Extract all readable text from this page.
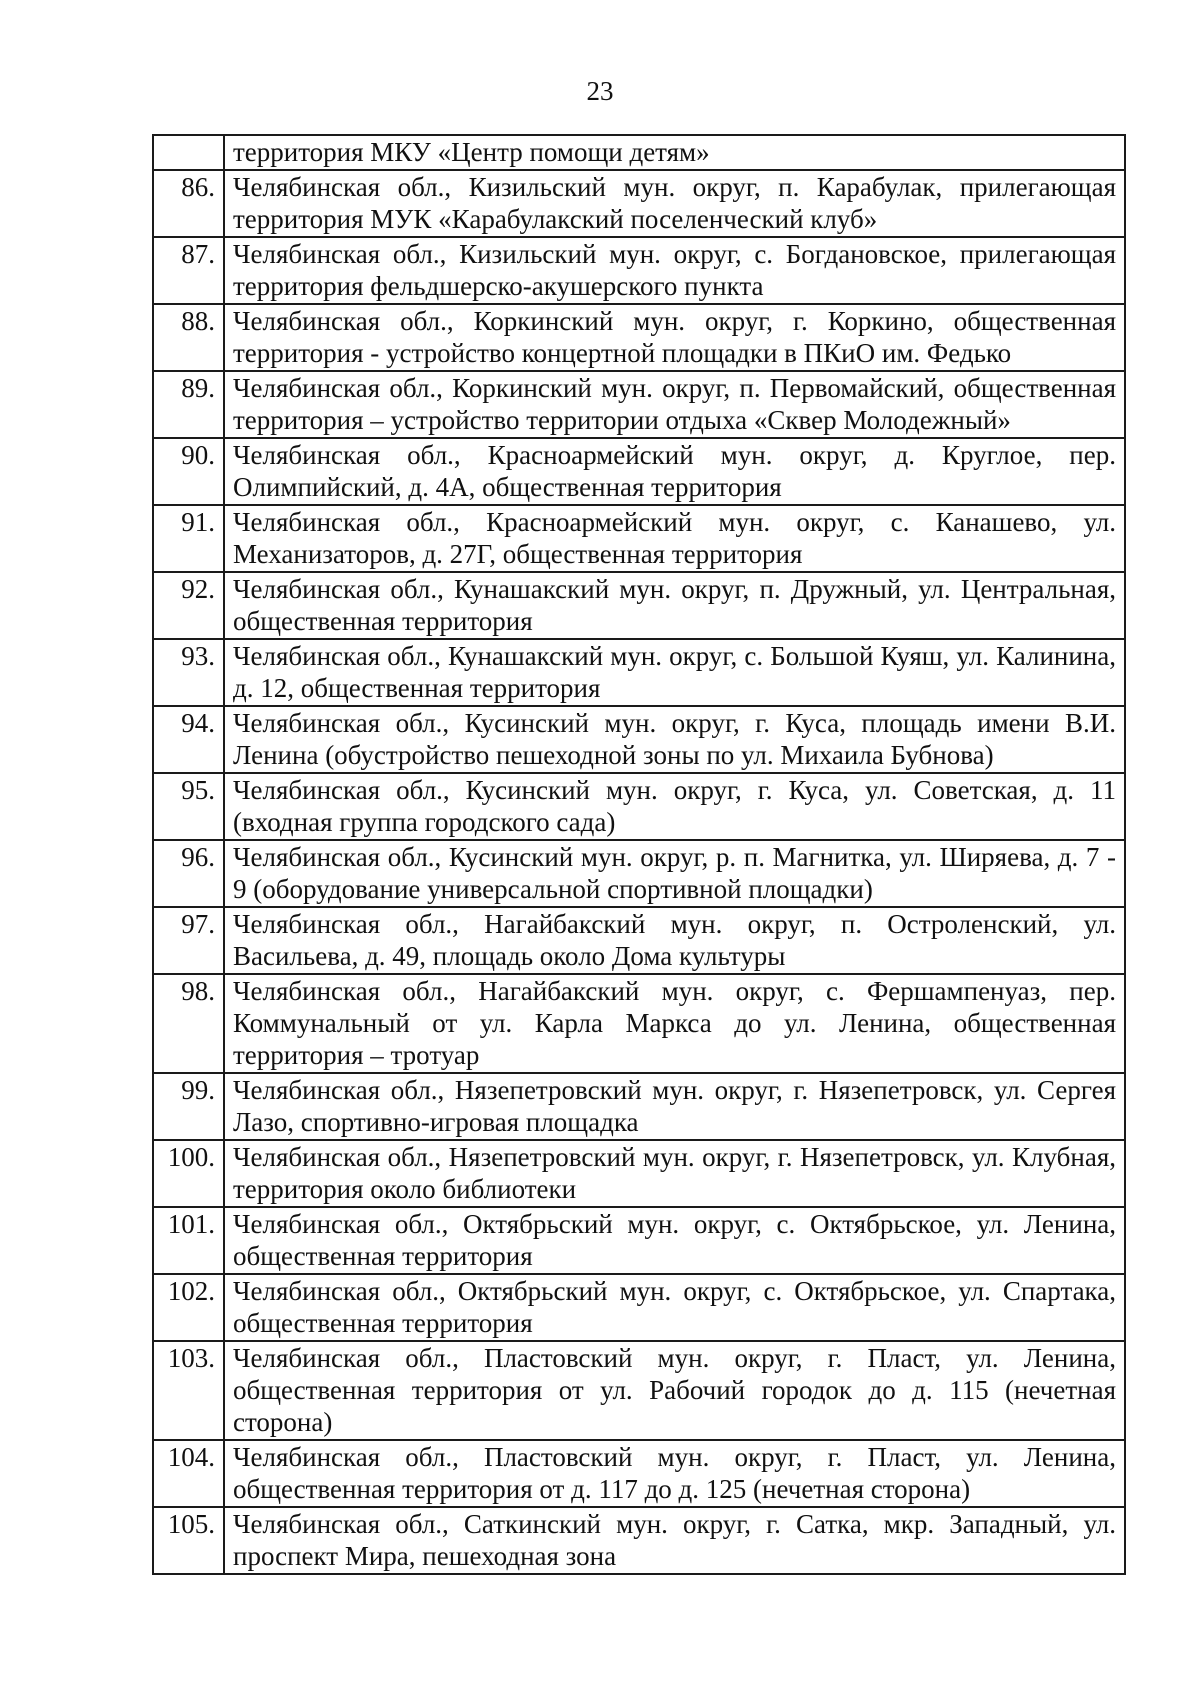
23
	территория МКУ «Центр помощи детям»
86.	Челябинская обл., Кизильский мун. округ, п. Карабулак, прилегающая территория МУК «Карабулакский поселенческий клуб»
87.	Челябинская обл., Кизильский мун. округ, с. Богдановское, прилегающая территория фельдшерско-акушерского пункта
88.	Челябинская обл., Коркинский мун. округ, г. Коркино, общественная территория - устройство концертной площадки в ПКиО им. Федько
89.	Челябинская обл., Коркинский мун. округ, п. Первомайский, общественная территория – устройство территории отдыха «Сквер Молодежный»
90.	Челябинская обл., Красноармейский мун. округ, д. Круглое, пер. Олимпийский, д. 4А, общественная территория
91.	Челябинская обл., Красноармейский мун. округ, с. Канашево, ул. Механизаторов, д. 27Г, общественная территория
92.	Челябинская обл., Кунашакский мун. округ, п. Дружный, ул. Центральная, общественная территория
93.	Челябинская обл., Кунашакский мун. округ, с. Большой Куяш, ул. Калинина, д. 12, общественная территория
94.	Челябинская обл., Кусинский мун. округ, г. Куса, площадь имени В.И. Ленина (обустройство пешеходной зоны по ул. Михаила Бубнова)
95.	Челябинская обл., Кусинский мун. округ, г. Куса, ул. Советская, д. 11 (входная группа городского сада)
96.	Челябинская обл., Кусинский мун. округ, р. п. Магнитка, ул. Ширяева, д. 7 - 9 (оборудование универсальной спортивной площадки)
97.	Челябинская обл., Нагайбакский мун. округ, п. Остроленский, ул. Васильева, д. 49, площадь около Дома культуры
98.	Челябинская обл., Нагайбакский мун. округ, с. Фершампенуаз, пер. Коммунальный от ул. Карла Маркса до ул. Ленина, общественная территория – тротуар
99.	Челябинская обл., Нязепетровский мун. округ, г. Нязепетровск, ул. Сергея Лазо, спортивно-игровая площадка
100.	Челябинская обл., Нязепетровский мун. округ, г. Нязепетровск, ул. Клубная, территория около библиотеки
101.	Челябинская обл., Октябрьский мун. округ, с. Октябрьское, ул. Ленина, общественная территория
102.	Челябинская обл., Октябрьский мун. округ, с. Октябрьское, ул. Спартака, общественная территория
103.	Челябинская обл., Пластовский мун. округ, г. Пласт, ул. Ленина, общественная территория от ул. Рабочий городок до д. 115 (нечетная сторона)
104.	Челябинская обл., Пластовский мун. округ, г. Пласт, ул. Ленина, общественная территория от д. 117 до д. 125 (нечетная сторона)
105.	Челябинская обл., Саткинский мун. округ, г. Сатка, мкр. Западный, ул. проспект Мира, пешеходная зона
